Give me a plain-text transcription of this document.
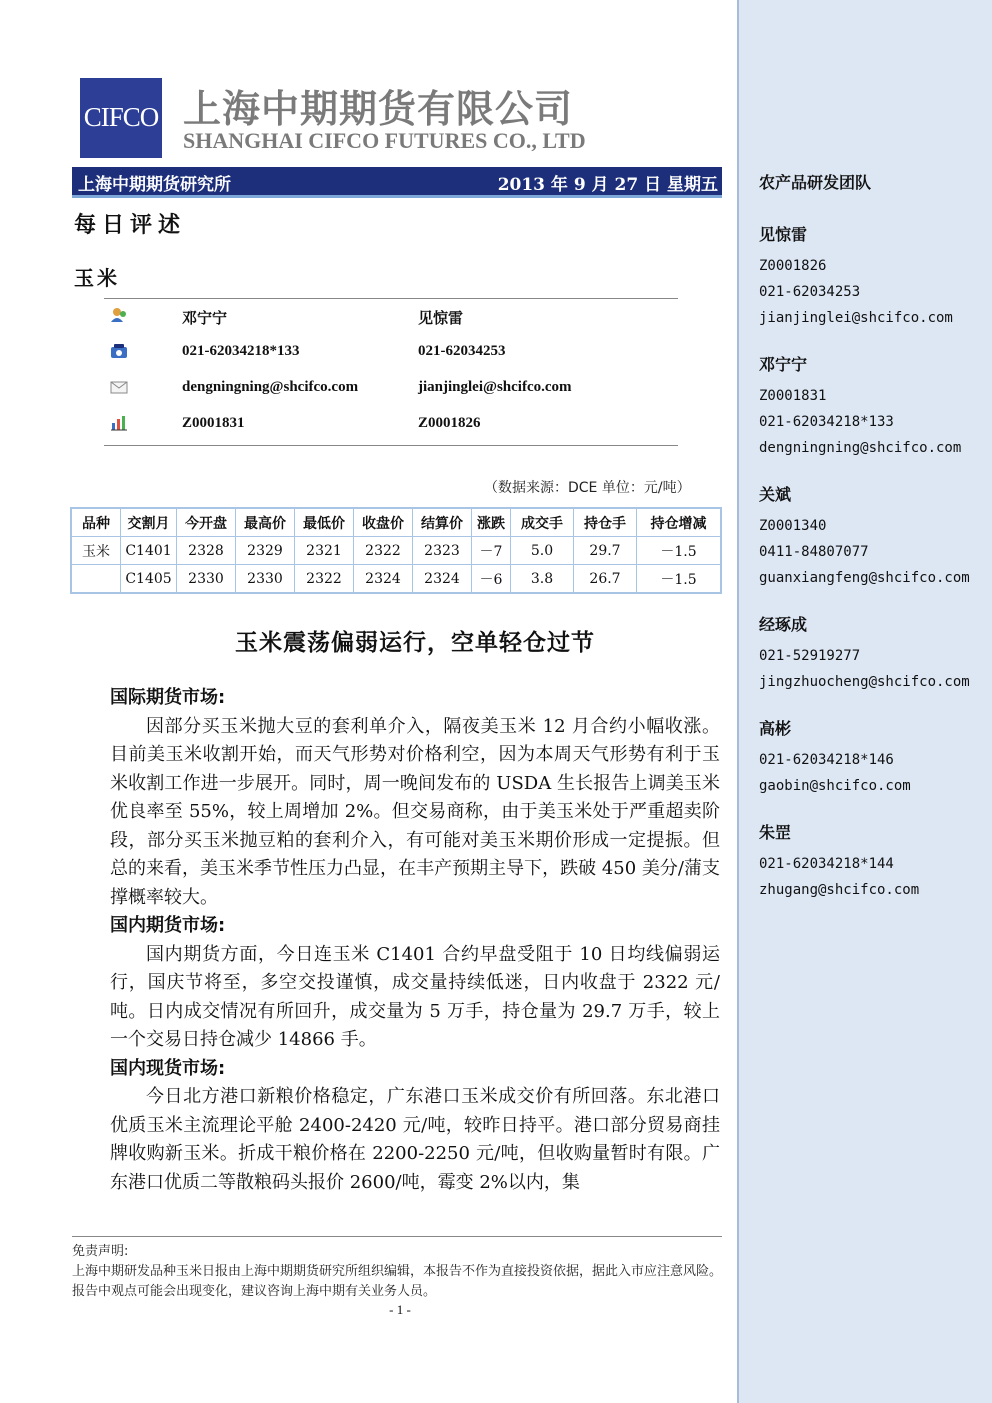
CIFCO 上海中期期货有限公司
SHANGHAI CIFCO FUTURES CO., LTD
上海中期期货研究所	2013 年 9 月 27 日 星期五
每日评述
玉米
邓宁宁	见惊雷
021-62034218*133	021-62034253
dengningning@shcifco.com	jianjinglei@shcifco.com
Z0001831	Z0001826
（数据来源：DCE 单位：元/吨）
品种	交割月	今开盘	最高价	最低价	收盘价	结算价	涨跌	成交手	持仓手	持仓增减
玉米	C1401	2328	2329	2321	2322	2323	－7	5.0	29.7	－1.5
	C1405	2330	2330	2322	2324	2324	－6	3.8	26.7	－1.5
玉米震荡偏弱运行，空单轻仓过节
国际期货市场:

因部分买玉米抛大豆的套利单介入，隔夜美玉米 12 月合约小幅收涨。目前美玉米收割开始，而天气形势对价格利空，因为本周天气形势有利于玉米收割工作进一步展开。同时，周一晚间发布的 USDA 生长报告上调美玉米优良率至 55%，较上周增加 2%。但交易商称，由于美玉米处于严重超卖阶段，部分买玉米抛豆粕的套利介入，有可能对美玉米期价形成一定提振。但总的来看，美玉米季节性压力凸显，在丰产预期主导下，跌破 450 美分/蒲支撑概率较大。

国内期货市场:

国内期货方面，今日连玉米 C1401 合约早盘受阻于 10 日均线偏弱运行，国庆节将至，多空交投谨慎，成交量持续低迷，日内收盘于 2322 元/吨。日内成交情况有所回升，成交量为 5 万手，持仓量为 29.7 万手，较上一个交易日持仓减少 14866 手。

国内现货市场:

今日北方港口新粮价格稳定，广东港口玉米成交价有所回落。东北港口优质玉米主流理论平舱 2400-2420 元/吨，较昨日持平。港口部分贸易商挂牌收购新玉米。折成干粮价格在 2200-2250 元/吨，但收购量暂时有限。广东港口优质二等散粮码头报价 2600/吨，霉变 2%以内，集

免责声明:
上海中期研发品种玉米日报由上海中期期货研究所组织编辑，本报告不作为直接投资依据，据此入市应注意风险。报告中观点可能会出现变化，建议咨询上海中期有关业务人员。
- 1 -
农产品研发团队
见惊雷
Z0001826
021-62034253
jianjinglei@shcifco.com
邓宁宁
Z0001831
021-62034218*133
dengningning@shcifco.com
关斌
Z0001340
0411-84807077
guanxiangfeng@shcifco.com
经琢成
021-52919277
jingzhuocheng@shcifco.com
高彬
021-62034218*146
gaobin@shcifco.com
朱罡
021-62034218*144
zhugang@shcifco.com
